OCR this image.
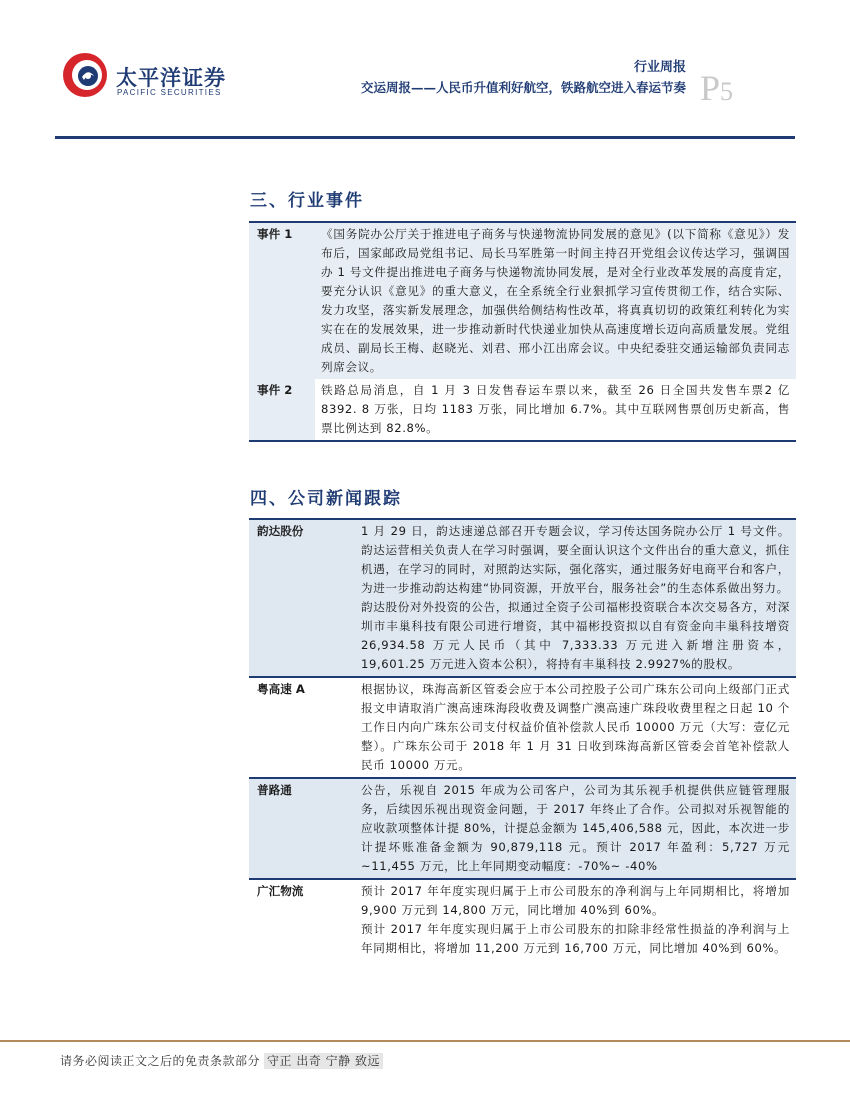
太平洋证券
PACIFIC SECURITIES
行业周报
交运周报——人民币升值利好航空，铁路航空进入春运节奏 P5
三、行业事件
事件 1	《国务院办公厅关于推进电子商务与快递物流协同发展的意见》(以下简称《意见》）发布后，国家邮政局党组书记、局长马军胜第一时间主持召开党组会议传达学习，强调国办 1 号文件提出推进电子商务与快递物流协同发展，是对全行业改革发展的高度肯定，要充分认识《意见》的重大意义，在全系统全行业狠抓学习宣传贯彻工作，结合实际、发力攻坚，落实新发展理念，加强供给侧结构性改革，将真真切切的政策红利转化为实实在在的发展效果，进一步推动新时代快递业加快从高速度增长迈向高质量发展。党组成员、副局长王梅、赵晓光、刘君、邢小江出席会议。中央纪委驻交通运输部负责同志列席会议。
事件 2	铁路总局消息，自 1 月 3 日发售春运车票以来，截至 26 日全国共发售车票2 亿 8392. 8 万张，日均 1183 万张，同比增加 6.7%。其中互联网售票创历史新高，售票比例达到 82.8%。
四、公司新闻跟踪
韵达股份	1 月 29 日，韵达速递总部召开专题会议，学习传达国务院办公厅 1 号文件。韵达运营相关负责人在学习时强调，要全面认识这个文件出台的重大意义，抓住机遇，在学习的同时，对照韵达实际，强化落实，通过服务好电商平台和客户，为进一步推动韵达构建“协同资源，开放平台，服务社会”的生态体系做出努力。
韵达股份对外投资的公告，拟通过全资子公司福彬投资联合本次交易各方，对深圳市丰巢科技有限公司进行增资，其中福彬投资拟以自有资金向丰巢科技增资 26,934.58 万元人民币（其中 7,333.33 万元进入新增注册资本，19,601.25 万元进入资本公积），将持有丰巢科技 2.9927%的股权。

粤高速 A	根据协议，珠海高新区管委会应于本公司控股子公司广珠东公司向上级部门正式报文申请取消广澳高速珠海段收费及调整广澳高速广珠段收费里程之日起 10 个工作日内向广珠东公司支付权益价值补偿款人民币 10000 万元（大写：壹亿元整）。广珠东公司于 2018 年 1 月 31 日收到珠海高新区管委会首笔补偿款人民币 10000 万元。

普路通	公告，乐视自 2015 年成为公司客户，公司为其乐视手机提供供应链管理服务，后续因乐视出现资金问题，于 2017 年终止了合作。公司拟对乐视智能的应收款项整体计提 80%，计提总金额为 145,406,588 元，因此，本次进一步计提坏账准备金额为 90,879,118 元。预计 2017 年盈利：5,727 万元~11,455 万元，比上年同期变动幅度：-70%~ -40%

广汇物流	预计 2017 年年度实现归属于上市公司股东的净利润与上年同期相比，将增加 9,900 万元到 14,800 万元，同比增加 40%到 60%。
预计 2017 年年度实现归属于上市公司股东的扣除非经常性损益的净利润与上年同期相比，将增加 11,200 万元到 16,700 万元，同比增加 40%到 60%。
请务必阅读正文之后的免责条款部分 守正 出奇 宁静 致远
